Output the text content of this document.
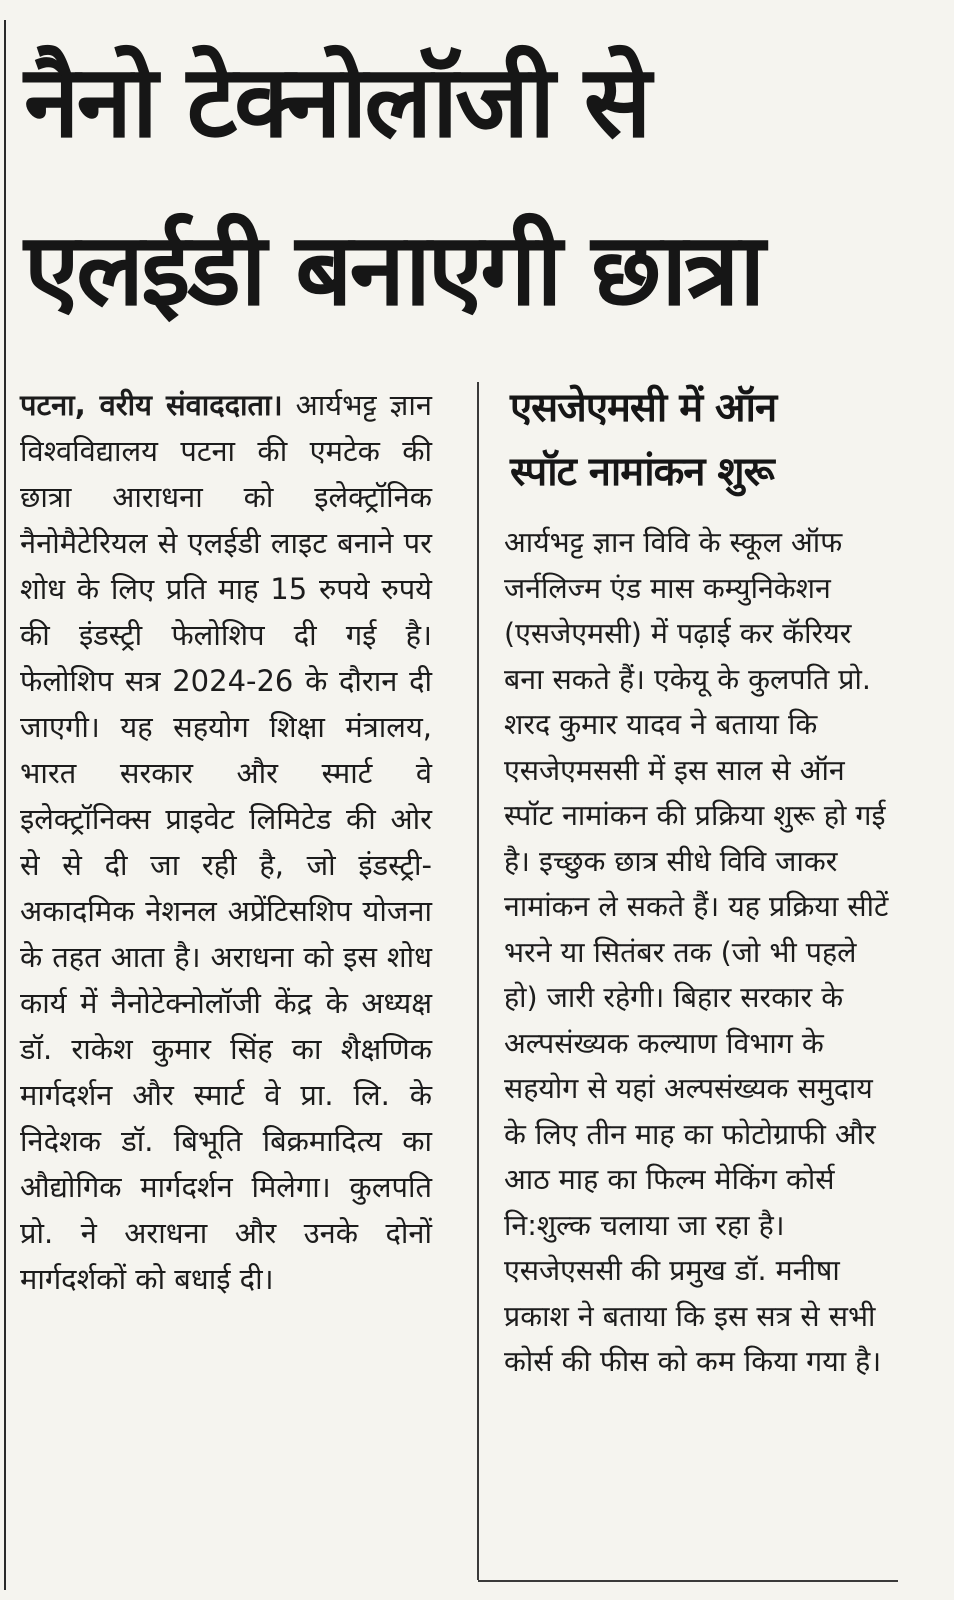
नैनो टेक्नोलॉजी से
एलईडी बनाएगी छात्रा
पटना, वरीय संवाददाता। आर्यभट्ट ज्ञान विश्वविद्यालय पटना की एमटेक की छात्रा आराधना को इलेक्ट्रॉनिक नैनोमैटेरियल से एलईडी लाइट बनाने पर शोध के लिए प्रति माह 15 रुपये रुपये की इंडस्ट्री फेलोशिप दी गई है। फेलोशिप सत्र 2024-26 के दौरान दी जाएगी। यह सहयोग शिक्षा मंत्रालय, भारत सरकार और स्मार्ट वे इलेक्ट्रॉनिक्स प्राइवेट लिमिटेड की ओर से से दी जा रही है, जो इंडस्ट्री-अकादमिक नेशनल अप्रेंटिसशिप योजना के तहत आता है। अराधना को इस शोध कार्य में नैनोटेक्नोलॉजी केंद्र के अध्यक्ष डॉ. राकेश कुमार सिंह का शैक्षणिक मार्गदर्शन और स्मार्ट वे प्रा. लि. के निदेशक डॉ. बिभूति बिक्रमादित्य का औद्योगिक मार्गदर्शन मिलेगा। कुलपति प्रो. ने अराधना और उनके दोनों मार्गदर्शकों को बधाई दी।
एसजेएमसी में ऑन
स्पॉट नामांकन शुरू
आर्यभट्ट ज्ञान विवि के स्कूल ऑफ जर्नलिज्म एंड मास कम्युनिकेशन (एसजेएमसी) में पढ़ाई कर कॅरियर बना सकते हैं। एकेयू के कुलपति प्रो. शरद कुमार यादव ने बताया कि एसजेएमससी में इस साल से ऑन स्पॉट नामांकन की प्रक्रिया शुरू हो गई है। इच्छुक छात्र सीधे विवि जाकर नामांकन ले सकते हैं। यह प्रक्रिया सीटें भरने या सितंबर तक (जो भी पहले हो) जारी रहेगी। बिहार सरकार के अल्पसंख्यक कल्याण विभाग के सहयोग से यहां अल्पसंख्यक समुदाय के लिए तीन माह का फोटोग्राफी और आठ माह का फिल्म मेकिंग कोर्स नि:शुल्क चलाया जा रहा है। एसजेएससी की प्रमुख डॉ. मनीषा प्रकाश ने बताया कि इस सत्र से सभी कोर्स की फीस को कम किया गया है।
